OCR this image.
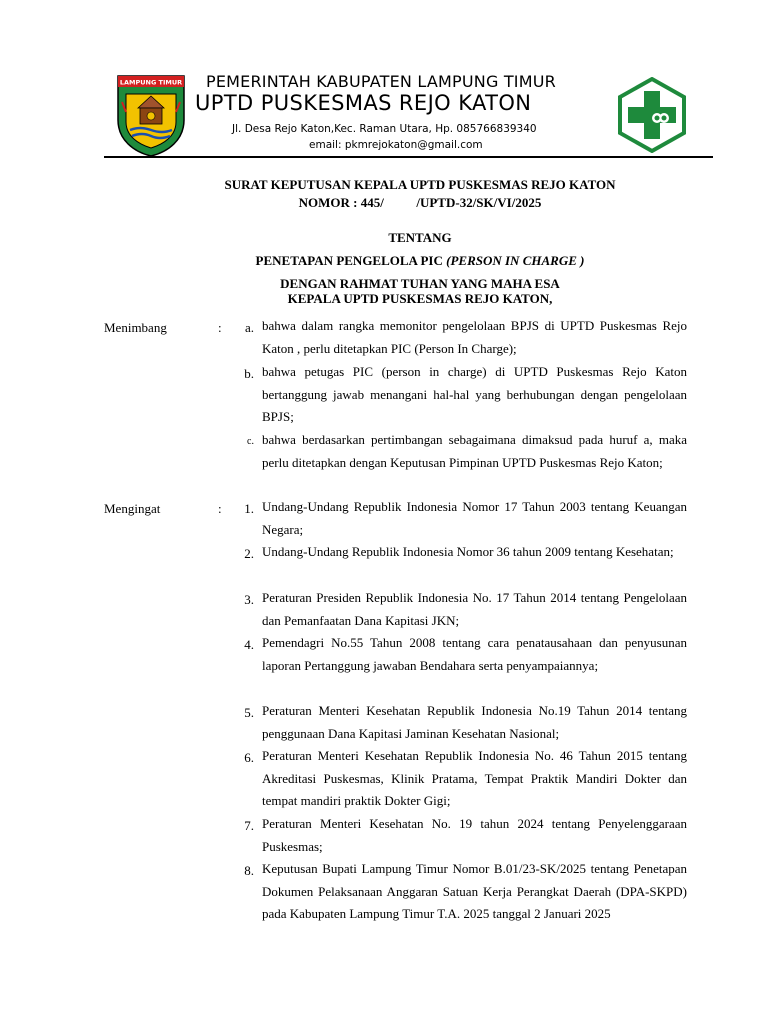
LAMPUNG TIMUR PEMERINTAH KABUPATEN LAMPUNG TIMUR
UPTD PUSKESMAS REJO KATON
Jl. Desa Rejo Katon,Kec. Raman Utara, Hp. 085766839340
email: pkmrejokaton@gmail.com
SURAT KEPUTUSAN KEPALA UPTD PUSKESMAS REJO KATON
NOMOR : 445/          /UPTD-32/SK/VI/2025
TENTANG
PENETAPAN PENGELOLA PIC (PERSON IN CHARGE )
DENGAN RAHMAT TUHAN YANG MAHA ESA
KEPALA UPTD PUSKESMAS REJO KATON,
Menimbang	:	a. bahwa dalam rangka memonitor pengelolaan BPJS di UPTD Puskesmas Rejo Katon , perlu ditetapkan PIC (Person In Charge);
b. bahwa petugas PIC (person in charge) di UPTD Puskesmas Rejo Katon bertanggung jawab menangani hal-hal yang berhubungan dengan pengelolaan BPJS;
c. bahwa berdasarkan pertimbangan sebagaimana dimaksud pada huruf a, maka perlu ditetapkan dengan Keputusan Pimpinan UPTD Puskesmas Rejo Katon;
Mengingat	:	1. Undang-Undang Republik Indonesia Nomor 17 Tahun 2003 tentang Keuangan Negara;
2. Undang-Undang Republik Indonesia Nomor 36 tahun 2009 tentang Kesehatan;
3. Peraturan Presiden Republik Indonesia No. 17 Tahun 2014 tentang Pengelolaan dan Pemanfaatan Dana Kapitasi JKN;
4. Pemendagri No.55 Tahun 2008 tentang cara penatausahaan dan penyusunan laporan Pertanggung jawaban Bendahara serta penyampaiannya;
5. Peraturan Menteri Kesehatan Republik Indonesia No.19 Tahun 2014 tentang penggunaan Dana Kapitasi Jaminan Kesehatan Nasional;
6. Peraturan Menteri Kesehatan Republik Indonesia No. 46 Tahun 2015 tentang Akreditasi Puskesmas, Klinik Pratama, Tempat Praktik Mandiri Dokter dan tempat mandiri praktik Dokter Gigi;
7. Peraturan Menteri Kesehatan No. 19 tahun 2024 tentang Penyelenggaraan Puskesmas;
8. Keputusan Bupati Lampung Timur Nomor B.01/23-SK/2025 tentang Penetapan Dokumen Pelaksanaan Anggaran Satuan Kerja Perangkat Daerah (DPA-SKPD) pada Kabupaten Lampung Timur T.A. 2025 tanggal 2 Januari 2025
